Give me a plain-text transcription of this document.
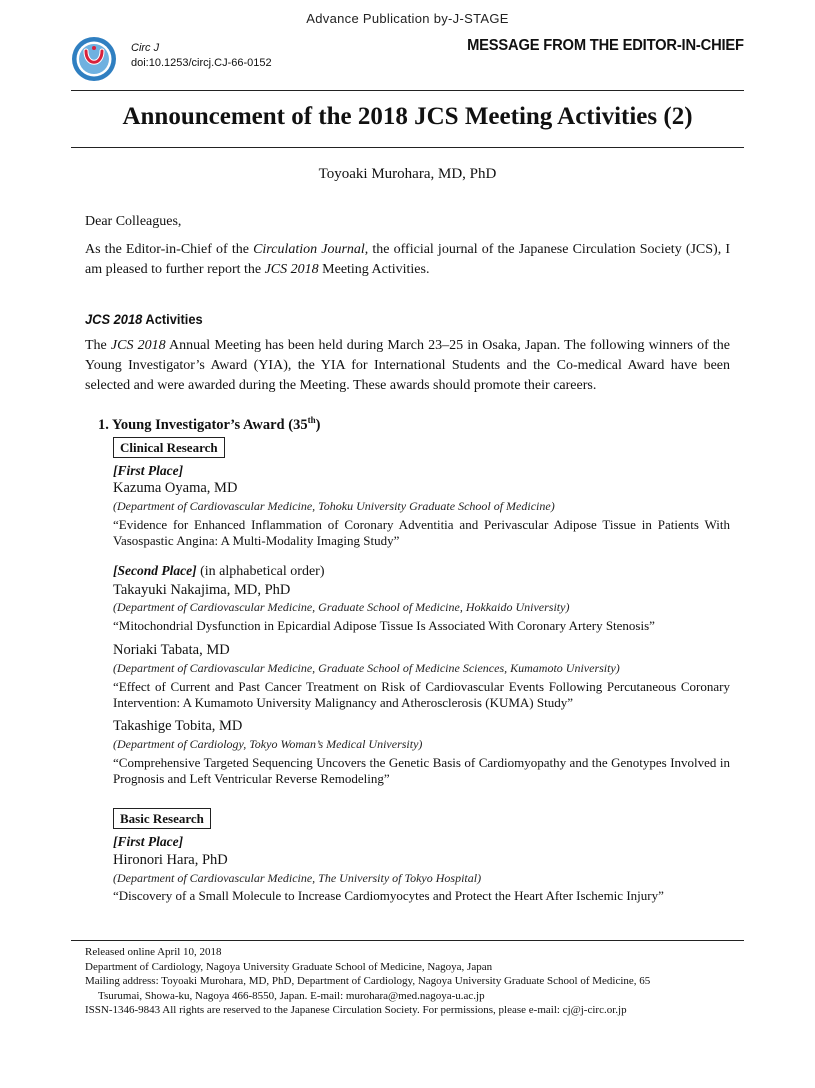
Advance Publication by-J-STAGE
Circ J
doi:10.1253/circj.CJ-66-0152
MESSAGE FROM THE EDITOR-IN-CHIEF
Announcement of the 2018 JCS Meeting Activities (2)
Toyoaki Murohara, MD, PhD
Dear Colleagues,
As the Editor-in-Chief of the Circulation Journal, the official journal of the Japanese Circulation Society (JCS), I am pleased to further report the JCS 2018 Meeting Activities.
JCS 2018 Activities
The JCS 2018 Annual Meeting has been held during March 23–25 in Osaka, Japan. The following winners of the Young Investigator’s Award (YIA), the YIA for International Students and the Co-medical Award have been selected and were awarded during the Meeting. These awards should promote their careers.
1. Young Investigator’s Award (35th)
Clinical Research
[First Place]
Kazuma Oyama, MD
(Department of Cardiovascular Medicine, Tohoku University Graduate School of Medicine)
“Evidence for Enhanced Inflammation of Coronary Adventitia and Perivascular Adipose Tissue in Patients With Vasospastic Angina: A Multi-Modality Imaging Study”
[Second Place] (in alphabetical order)
Takayuki Nakajima, MD, PhD
(Department of Cardiovascular Medicine, Graduate School of Medicine, Hokkaido University)
“Mitochondrial Dysfunction in Epicardial Adipose Tissue Is Associated With Coronary Artery Stenosis”
Noriaki Tabata, MD
(Department of Cardiovascular Medicine, Graduate School of Medicine Sciences, Kumamoto University)
“Effect of Current and Past Cancer Treatment on Risk of Cardiovascular Events Following Percutaneous Coronary Intervention: A Kumamoto University Malignancy and Atherosclerosis (KUMA) Study”
Takashige Tobita, MD
(Department of Cardiology, Tokyo Woman’s Medical University)
“Comprehensive Targeted Sequencing Uncovers the Genetic Basis of Cardiomyopathy and the Genotypes Involved in Prognosis and Left Ventricular Reverse Remodeling”
Basic Research
[First Place]
Hironori Hara, PhD
(Department of Cardiovascular Medicine, The University of Tokyo Hospital)
“Discovery of a Small Molecule to Increase Cardiomyocytes and Protect the Heart After Ischemic Injury”
Released online April 10, 2018
Department of Cardiology, Nagoya University Graduate School of Medicine, Nagoya, Japan
Mailing address: Toyoaki Murohara, MD, PhD, Department of Cardiology, Nagoya University Graduate School of Medicine, 65
Tsurumai, Showa-ku, Nagoya 466-8550, Japan. E-mail: murohara@med.nagoya-u.ac.jp
ISSN-1346-9843 All rights are reserved to the Japanese Circulation Society. For permissions, please e-mail: cj@j-circ.or.jp
